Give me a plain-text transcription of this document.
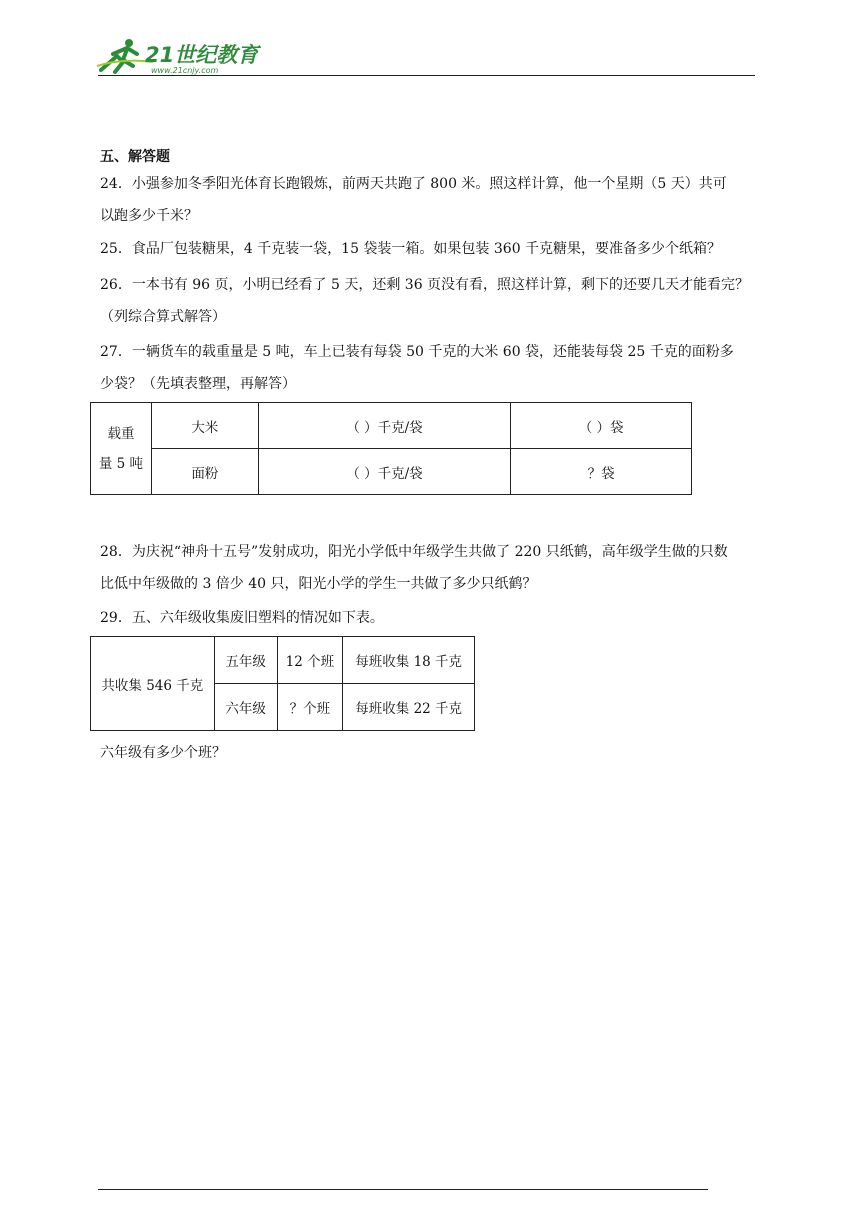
21世纪教育
www.21cnjy.com
五、解答题
24．小强参加冬季阳光体育长跑锻炼，前两天共跑了 800 米。照这样计算，他一个星期（5 天）共可
以跑多少千米？
25．食品厂包装糖果，4 千克装一袋，15 袋装一箱。如果包装 360 千克糖果，要准备多少个纸箱？
26．一本书有 96 页，小明已经看了 5 天，还剩 36 页没有看，照这样计算，剩下的还要几天才能看完？
（列综合算式解答）
27．一辆货车的载重量是 5 吨，车上已装有每袋 50 千克的大米 60 袋，还能装每袋 25 千克的面粉多
少袋？（先填表整理，再解答）
载重
量 5 吨	大米	（ ）千克/袋	（ ）袋
	面粉	（ ）千克/袋	？袋
28．为庆祝“神舟十五号”发射成功，阳光小学低中年级学生共做了 220 只纸鹤，高年级学生做的只数
比低中年级做的 3 倍少 40 只，阳光小学的学生一共做了多少只纸鹤？
29．五、六年级收集废旧塑料的情况如下表。
共收集 546 千克	五年级	12 个班	每班收集 18 千克
	六年级	？个班	每班收集 22 千克
六年级有多少个班？
